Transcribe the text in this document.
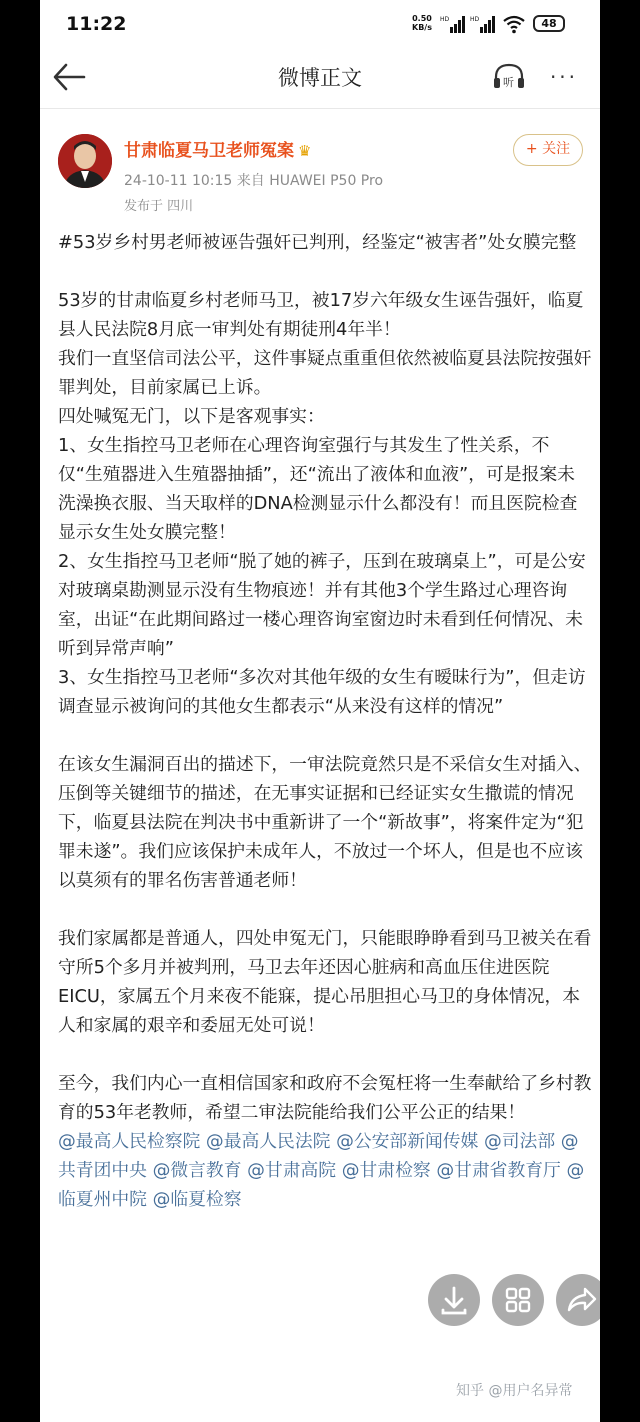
11:22	0.50
KB/s
HD	HD	48
微博正文	听 ···
甘肃临夏马卫老师冤案 ♛
24-10-11 10:15 来自 HUAWEI P50 Pro
发布于 四川
+ 关注

#53岁乡村男老师被诬告强奸已判刑，经鉴定“被害者”处女膜完整

53岁的甘肃临夏乡村老师马卫，被17岁六年级女生诬告强奸，临夏县人民法院8月底一审判处有期徒刑4年半！

我们一直坚信司法公平，这件事疑点重重但依然被临夏县法院按强奸罪判处，目前家属已上诉。

四处喊冤无门，以下是客观事实：

1、女生指控马卫老师在心理咨询室强行与其发生了性关系，不仅“生殖器进入生殖器抽插”，还“流出了液体和血液”，可是报案未洗澡换衣服、当天取样的DNA检测显示什么都没有！而且医院检查显示女生处女膜完整！

2、女生指控马卫老师“脱了她的裤子，压到在玻璃桌上”，可是公安对玻璃桌勘测显示没有生物痕迹！并有其他3个学生路过心理咨询室，出证“在此期间路过一楼心理咨询室窗边时未看到任何情况、未听到异常声响”

3、女生指控马卫老师“多次对其他年级的女生有暧昧行为”，但走访调查显示被询问的其他女生都表示“从来没有这样的情况”

在该女生漏洞百出的描述下，一审法院竟然只是不采信女生对插入、压倒等关键细节的描述，在无事实证据和已经证实女生撒谎的情况下，临夏县法院在判决书中重新讲了一个“新故事”，将案件定为“犯罪未遂”。我们应该保护未成年人，不放过一个坏人，但是也不应该以莫须有的罪名伤害普通老师！

我们家属都是普通人，四处申冤无门，只能眼睁睁看到马卫被关在看守所5个多月并被判刑，马卫去年还因心脏病和高血压住进医院EICU，家属五个月来夜不能寐，提心吊胆担心马卫的身体情况，本人和家属的艰辛和委屈无处可说！

至今，我们内心一直相信国家和政府不会冤枉将一生奉献给了乡村教育的53年老教师，希望二审法院能给我们公平公正的结果！

@最高人民检察院 @最高人民法院 @公安部新闻传媒 @司法部 @共青团中央 @微言教育 @甘肃高院 @甘肃检察 @甘肃省教育厅 @临夏州中院 @临夏检察
知乎 @用户名异常
